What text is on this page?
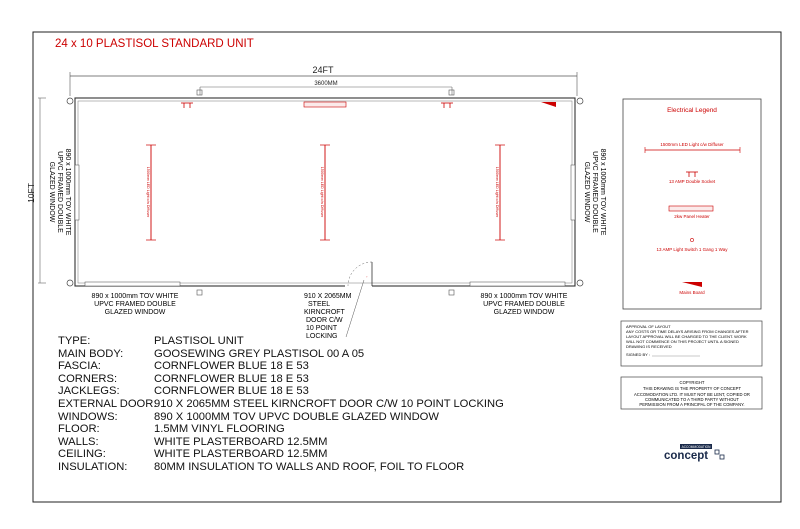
24 x 10 PLASTISOL STANDARD UNIT
24FT
3600MM
10FT
◦
1500mm LED Light c/w Diffuser	1500mm LED Light c/w Diffuser	1500mm LED Light c/w Diffuser
890 x 1000mm TOV WHITE
UPVC FRAMED DOUBLE
GLAZED WINDOW	890 x 1000mm TOV WHITE
UPVC FRAMED DOUBLE
GLAZED WINDOW
890 x 1000mm TOV WHITE
UPVC FRAMED DOUBLE
GLAZED WINDOW
890 x 1000mm TOV WHITE
UPVC FRAMED DOUBLE
GLAZED WINDOW
910 X 2065MM
STEEL
KIRNCROFT
DOOR C/W
10 POINT
LOCKING
Electrical Legend
1500mm LED Light c/w Diffuser
13 AMP Double Socket
2kw Panel Heater
13 AMP Light Switch 1 Gang 1 Way
Mains Board
APPROVAL OF LAYOUT
ANY COSTS OR TIME DELAYS ARISING FROM CHANGES AFTER
LAYOUT APPROVAL WILL BE CHARGED TO THE CLIENT. WORK
WILL NOT COMMENCE ON THIS PROJECT UNTIL A SIGNED
DRAWING IS RECEIVED
SIGNED BY :
COPYRIGHT
THIS DRAWING IS THE PROPERTY OF CONCEPT
ACCOMODATION LTD. IT MUST NOT BE LENT, COPIED OR
COMMUNICATED TO A THIRD PARTY WITHOUT
PERMISSION FROM A PRINCIPAL OF THE COMPANY.
ACCOMMODATION
concept
TYPE:	PLASTISOL UNIT
MAIN BODY:	GOOSEWING GREY PLASTISOL 00 A 05
FASCIA:	CORNFLOWER BLUE 18 E 53
CORNERS:	CORNFLOWER BLUE 18 E 53
JACKLEGS:	CORNFLOWER BLUE 18 E 53
EXTERNAL DOOR:910 X 2065MM STEEL KIRNCROFT DOOR C/W 10 POINT LOCKING
WINDOWS:	890 X 1000MM TOV UPVC DOUBLE GLAZED WINDOW
FLOOR:	1.5MM VINYL FLOORING
WALLS:	WHITE PLASTERBOARD 12.5MM
CEILING:	WHITE PLASTERBOARD 12.5MM
INSULATION: 80MM INSULATION TO WALLS AND ROOF, FOIL TO FLOOR
